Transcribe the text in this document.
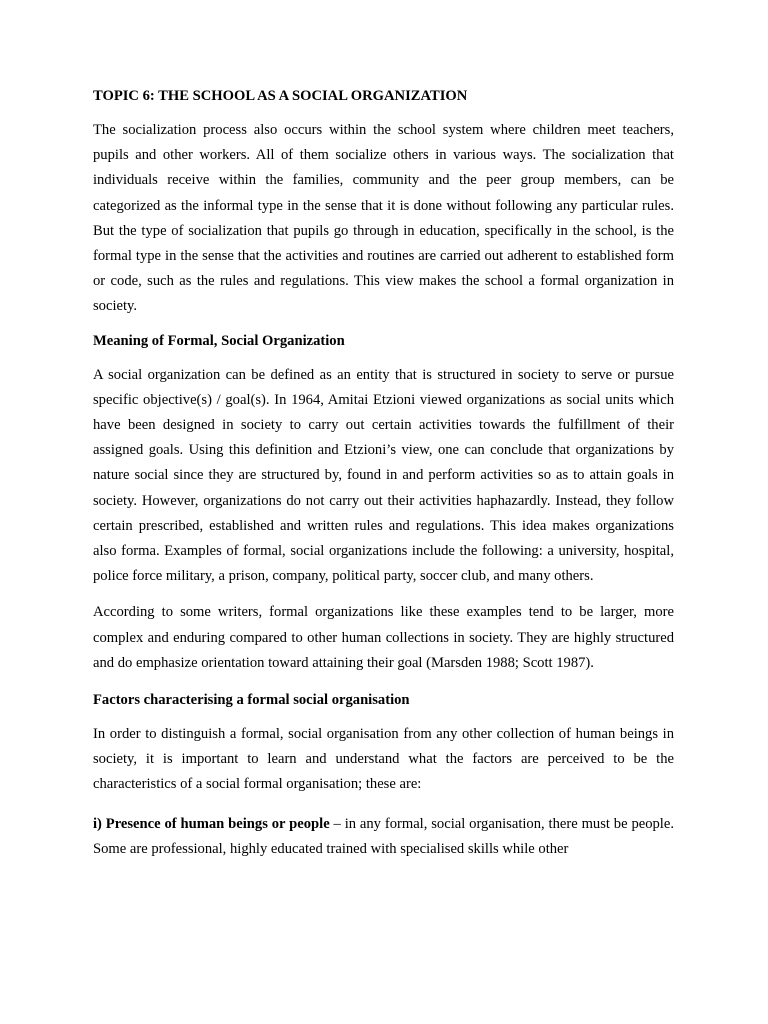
TOPIC 6: THE SCHOOL AS A SOCIAL ORGANIZATION

The socialization process also occurs within the school system where children meet teachers, pupils and other workers. All of them socialize others in various ways. The socialization that individuals receive within the families, community and the peer group members, can be categorized as the informal type in the sense that it is done without following any particular rules. But the type of socialization that pupils go through in education, specifically in the school, is the formal type in the sense that the activities and routines are carried out adherent to established form or code, such as the rules and regulations. This view makes the school a formal organization in society.

Meaning of Formal, Social Organization

A social organization can be defined as an entity that is structured in society to serve or pursue specific objective(s) / goal(s). In 1964, Amitai Etzioni viewed organizations as social units which have been designed in society to carry out certain activities towards the fulfillment of their assigned goals. Using this definition and Etzioni’s view, one can conclude that organizations by nature social since they are structured by, found in and perform activities so as to attain goals in society. However, organizations do not carry out their activities haphazardly. Instead, they follow certain prescribed, established and written rules and regulations. This idea makes organizations also forma. Examples of formal, social organizations include the following: a university, hospital, police force military, a prison, company, political party, soccer club, and many others.

According to some writers, formal organizations like these examples tend to be larger, more complex and enduring compared to other human collections in society. They are highly structured and do emphasize orientation toward attaining their goal (Marsden 1988; Scott 1987).

Factors characterising a formal social organisation

In order to distinguish a formal, social organisation from any other collection of human beings in society, it is important to learn and understand what the factors are perceived to be the characteristics of a social formal organisation; these are:

i) Presence of human beings or people – in any formal, social organisation, there must be people. Some are professional, highly educated trained with specialised skills while other
